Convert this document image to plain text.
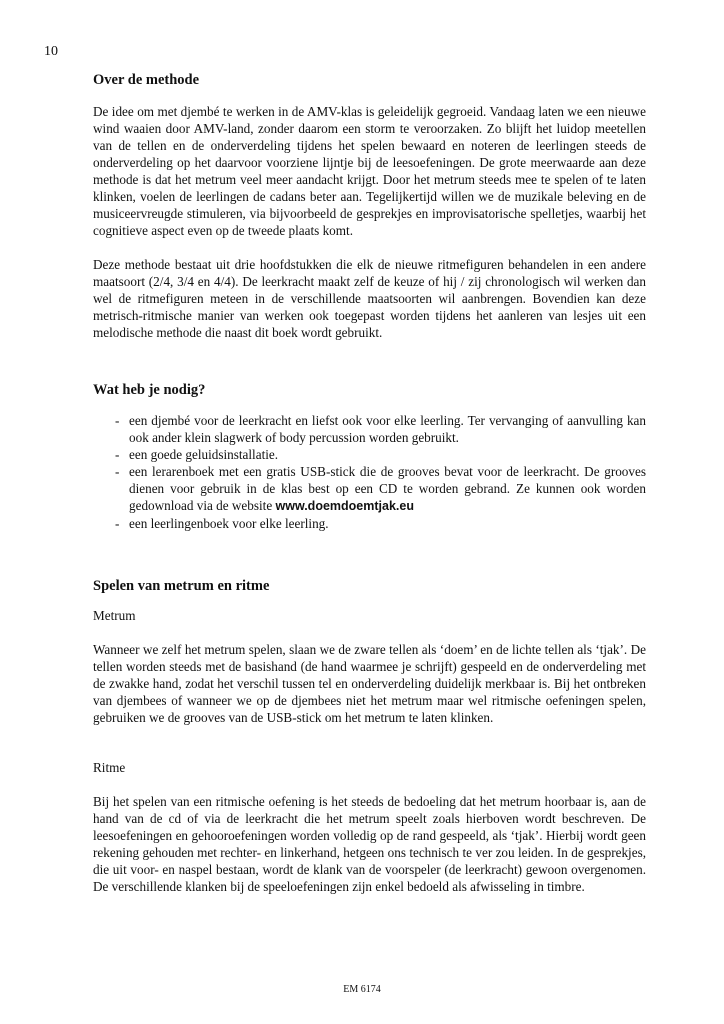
10
Over de methode

De idee om met djembé te werken in de AMV-klas is geleidelijk gegroeid. Vandaag laten we een nieuwe wind waaien door AMV-land, zonder daarom een storm te veroorzaken. Zo blijft het luidop meetellen van de tellen en de onderverdeling tijdens het spelen bewaard en noteren de leerlingen steeds de onderverdeling op het daarvoor voorziene lijntje bij de leesoefeningen. De grote meerwaarde aan deze methode is dat het metrum veel meer aandacht krijgt. Door het metrum steeds mee te spelen of te laten klinken, voelen de leerlingen de cadans beter aan. Tegelijkertijd willen we de muzikale beleving en de musiceervreugde stimuleren, via bijvoorbeeld de gesprekjes en improvisatorische spelletjes, waarbij het cognitieve aspect even op de tweede plaats komt.

Deze methode bestaat uit drie hoofdstukken die elk de nieuwe ritmefiguren behandelen in een andere maatsoort (2/4, 3/4 en 4/4). De leerkracht maakt zelf de keuze of hij / zij chronologisch wil werken dan wel de ritmefiguren meteen in de verschillende maatsoorten wil aanbrengen. Bovendien kan deze metrisch-ritmische manier van werken ook toegepast worden tijdens het aanleren van lesjes uit een melodische methode die naast dit boek wordt gebruikt.

Wat heb je nodig?
- een djembé voor de leerkracht en liefst ook voor elke leerling. Ter vervanging of aanvulling kan ook ander klein slagwerk of body percussion worden gebruikt.
- een goede geluidsinstallatie.
- een lerarenboek met een gratis USB-stick die de grooves bevat voor de leerkracht. De grooves dienen voor gebruik in de klas best op een CD te worden gebrand. Ze kunnen ook worden gedownload via de website www.doemdoemtjak.eu
- een leerlingenboek voor elke leerling.
Spelen van metrum en ritme
Metrum

Wanneer we zelf het metrum spelen, slaan we de zware tellen als ‘doem’ en de lichte tellen als ‘tjak’. De tellen worden steeds met de basishand (de hand waarmee je schrijft) gespeeld en de onderverdeling met de zwakke hand, zodat het verschil tussen tel en onderverdeling duidelijk merkbaar is. Bij het ontbreken van djembees of wanneer we op de djembees niet het metrum maar wel ritmische oefeningen spelen, gebruiken we de grooves van de USB-stick om het metrum te laten klinken.

Ritme

Bij het spelen van een ritmische oefening is het steeds de bedoeling dat het metrum hoorbaar is, aan de hand van de cd of via de leerkracht die het metrum speelt zoals hierboven wordt beschreven. De leesoefeningen en gehooroefeningen worden volledig op de rand gespeeld, als ‘tjak’. Hierbij wordt geen rekening gehouden met rechter- en linkerhand, hetgeen ons technisch te ver zou leiden. In de gesprekjes, die uit voor- en naspel bestaan, wordt de klank van de voorspeler (de leerkracht) gewoon overgenomen. De verschillende klanken bij de speeloefeningen zijn enkel bedoeld als afwisseling in timbre.

EM 6174
